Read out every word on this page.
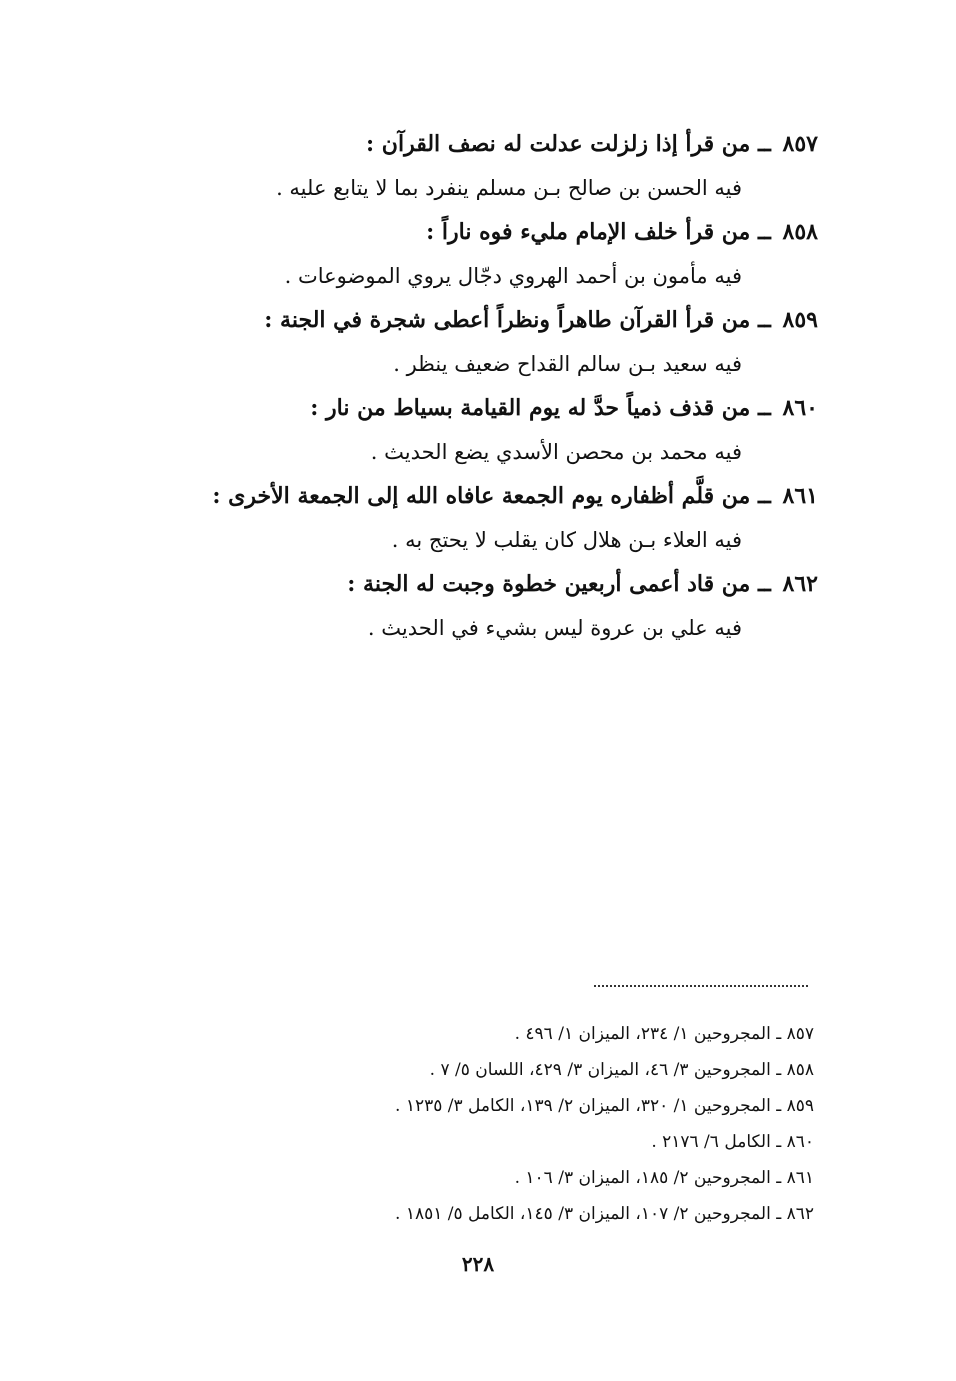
٨٥٧ ــ من قرأ إذا زلزلت عدلت له نصف القرآن :
فيه الحسن بن صالح بـن مسلم ينفرد بما لا يتابع عليه .
٨٥٨ ــ من قرأ خلف الإمام مليء فوه ناراً :
فيه مأمون بن أحمد الهروي دجّال يروي الموضوعات .
٨٥٩ ــ من قرأ القرآن طاهراً ونظراً أعطى شجرة في الجنة :
فيه سعيد بـن سالم القداح ضعيف ينظر .
٨٦٠ ــ من قذف ذمياً حدَّ له يوم القيامة بسياط من نار :
فيه محمد بن محصن الأسدي يضع الحديث .
٨٦١ ــ من قلَّم أظفاره يوم الجمعة عافاه الله إلى الجمعة الأخرى :
فيه العلاء بـن هلال كان يقلب لا يحتج به .
٨٦٢ ــ من قاد أعمى أربعين خطوة وجبت له الجنة :
فيه علي بن عروة ليس بشيء في الحديث .
٨٥٧ ـ المجروحين ١/ ٢٣٤، الميزان ١/ ٤٩٦ .
٨٥٨ ـ المجروحين ٣/ ٤٦، الميزان ٣/ ٤٢٩، اللسان ٥/ ٧ .
٨٥٩ ـ المجروحين ١/ ٣٢٠، الميزان ٢/ ١٣٩، الكامل ٣/ ١٢٣٥ .
٨٦٠ ـ الكامل ٦/ ٢١٧٦ .
٨٦١ ـ المجروحين ٢/ ١٨٥، الميزان ٣/ ١٠٦ .
٨٦٢ ـ المجروحين ٢/ ١٠٧، الميزان ٣/ ١٤٥، الكامل ٥/ ١٨٥١ .
٢٢٨
